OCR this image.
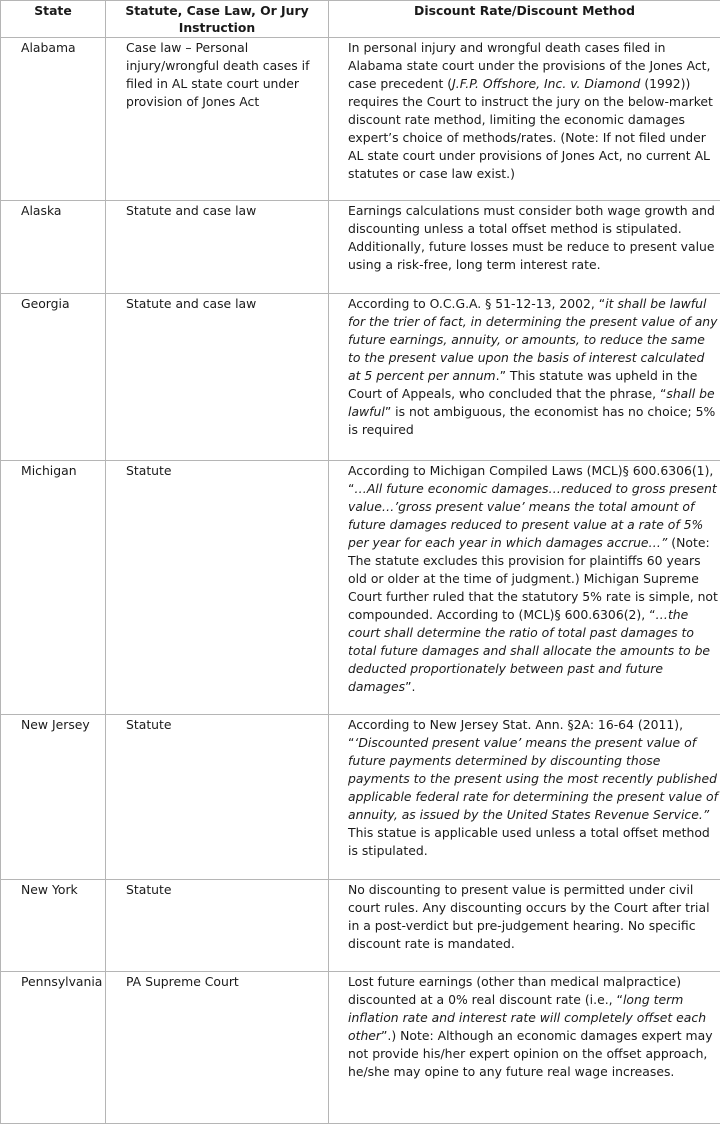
State	Statute, Case Law, Or Jury Instruction	Discount Rate/Discount Method
Alabama	Case law – Personal injury/wrongful death cases if filed in AL state court under provision of Jones Act	In personal injury and wrongful death cases filed in Alabama state court under the provisions of the Jones Act, case precedent (J.F.P. Offshore, Inc. v. Diamond (1992)) requires the Court to instruct the jury on the below-market discount rate method, limiting the economic damages expert’s choice of methods/rates. (Note: If not filed under AL state court under provisions of Jones Act, no current AL statutes or case law exist.)
Alaska	Statute and case law	Earnings calculations must consider both wage growth and discounting unless a total offset method is stipulated. Additionally, future losses must be reduce to present value using a risk-free, long term interest rate.
Georgia	Statute and case law	According to O.C.G.A. § 51-12-13, 2002, “it shall be lawful for the trier of fact, in determining the present value of any future earnings, annuity, or amounts, to reduce the same to the present value upon the basis of interest calculated at 5 percent per annum.” This statute was upheld in the Court of Appeals, who concluded that the phrase, “shall be lawful” is not ambiguous, the economist has no choice; 5% is required
Michigan	Statute	According to Michigan Compiled Laws (MCL)§ 600.6306(1), “…All future economic damages…reduced to gross present value…’gross present value’ means the total amount of future damages reduced to present value at a rate of 5% per year for each year in which damages accrue…” (Note: The statute excludes this provision for plaintiffs 60 years old or older at the time of judgment.) Michigan Supreme Court further ruled that the statutory 5% rate is simple, not compounded. According to (MCL)§ 600.6306(2), “…the court shall determine the ratio of total past damages to total future damages and shall allocate the amounts to be deducted proportionately between past and future damages”.
New Jersey	Statute	According to New Jersey Stat. Ann. §2A: 16-64 (2011), “‘Discounted present value’ means the present value of future payments determined by discounting those payments to the present using the most recently published applicable federal rate for determining the present value of annuity, as issued by the United States Revenue Service.” This statue is applicable used unless a total offset method is stipulated.
New York	Statute	No discounting to present value is permitted under civil court rules. Any discounting occurs by the Court after trial in a post-verdict but pre-judgement hearing. No specific discount rate is mandated.
Pennsylvania	PA Supreme Court	Lost future earnings (other than medical malpractice) discounted at a 0% real discount rate (i.e., “long term inflation rate and interest rate will completely offset each other”.) Note: Although an economic damages expert may not provide his/her expert opinion on the offset approach, he/she may opine to any future real wage increases.
